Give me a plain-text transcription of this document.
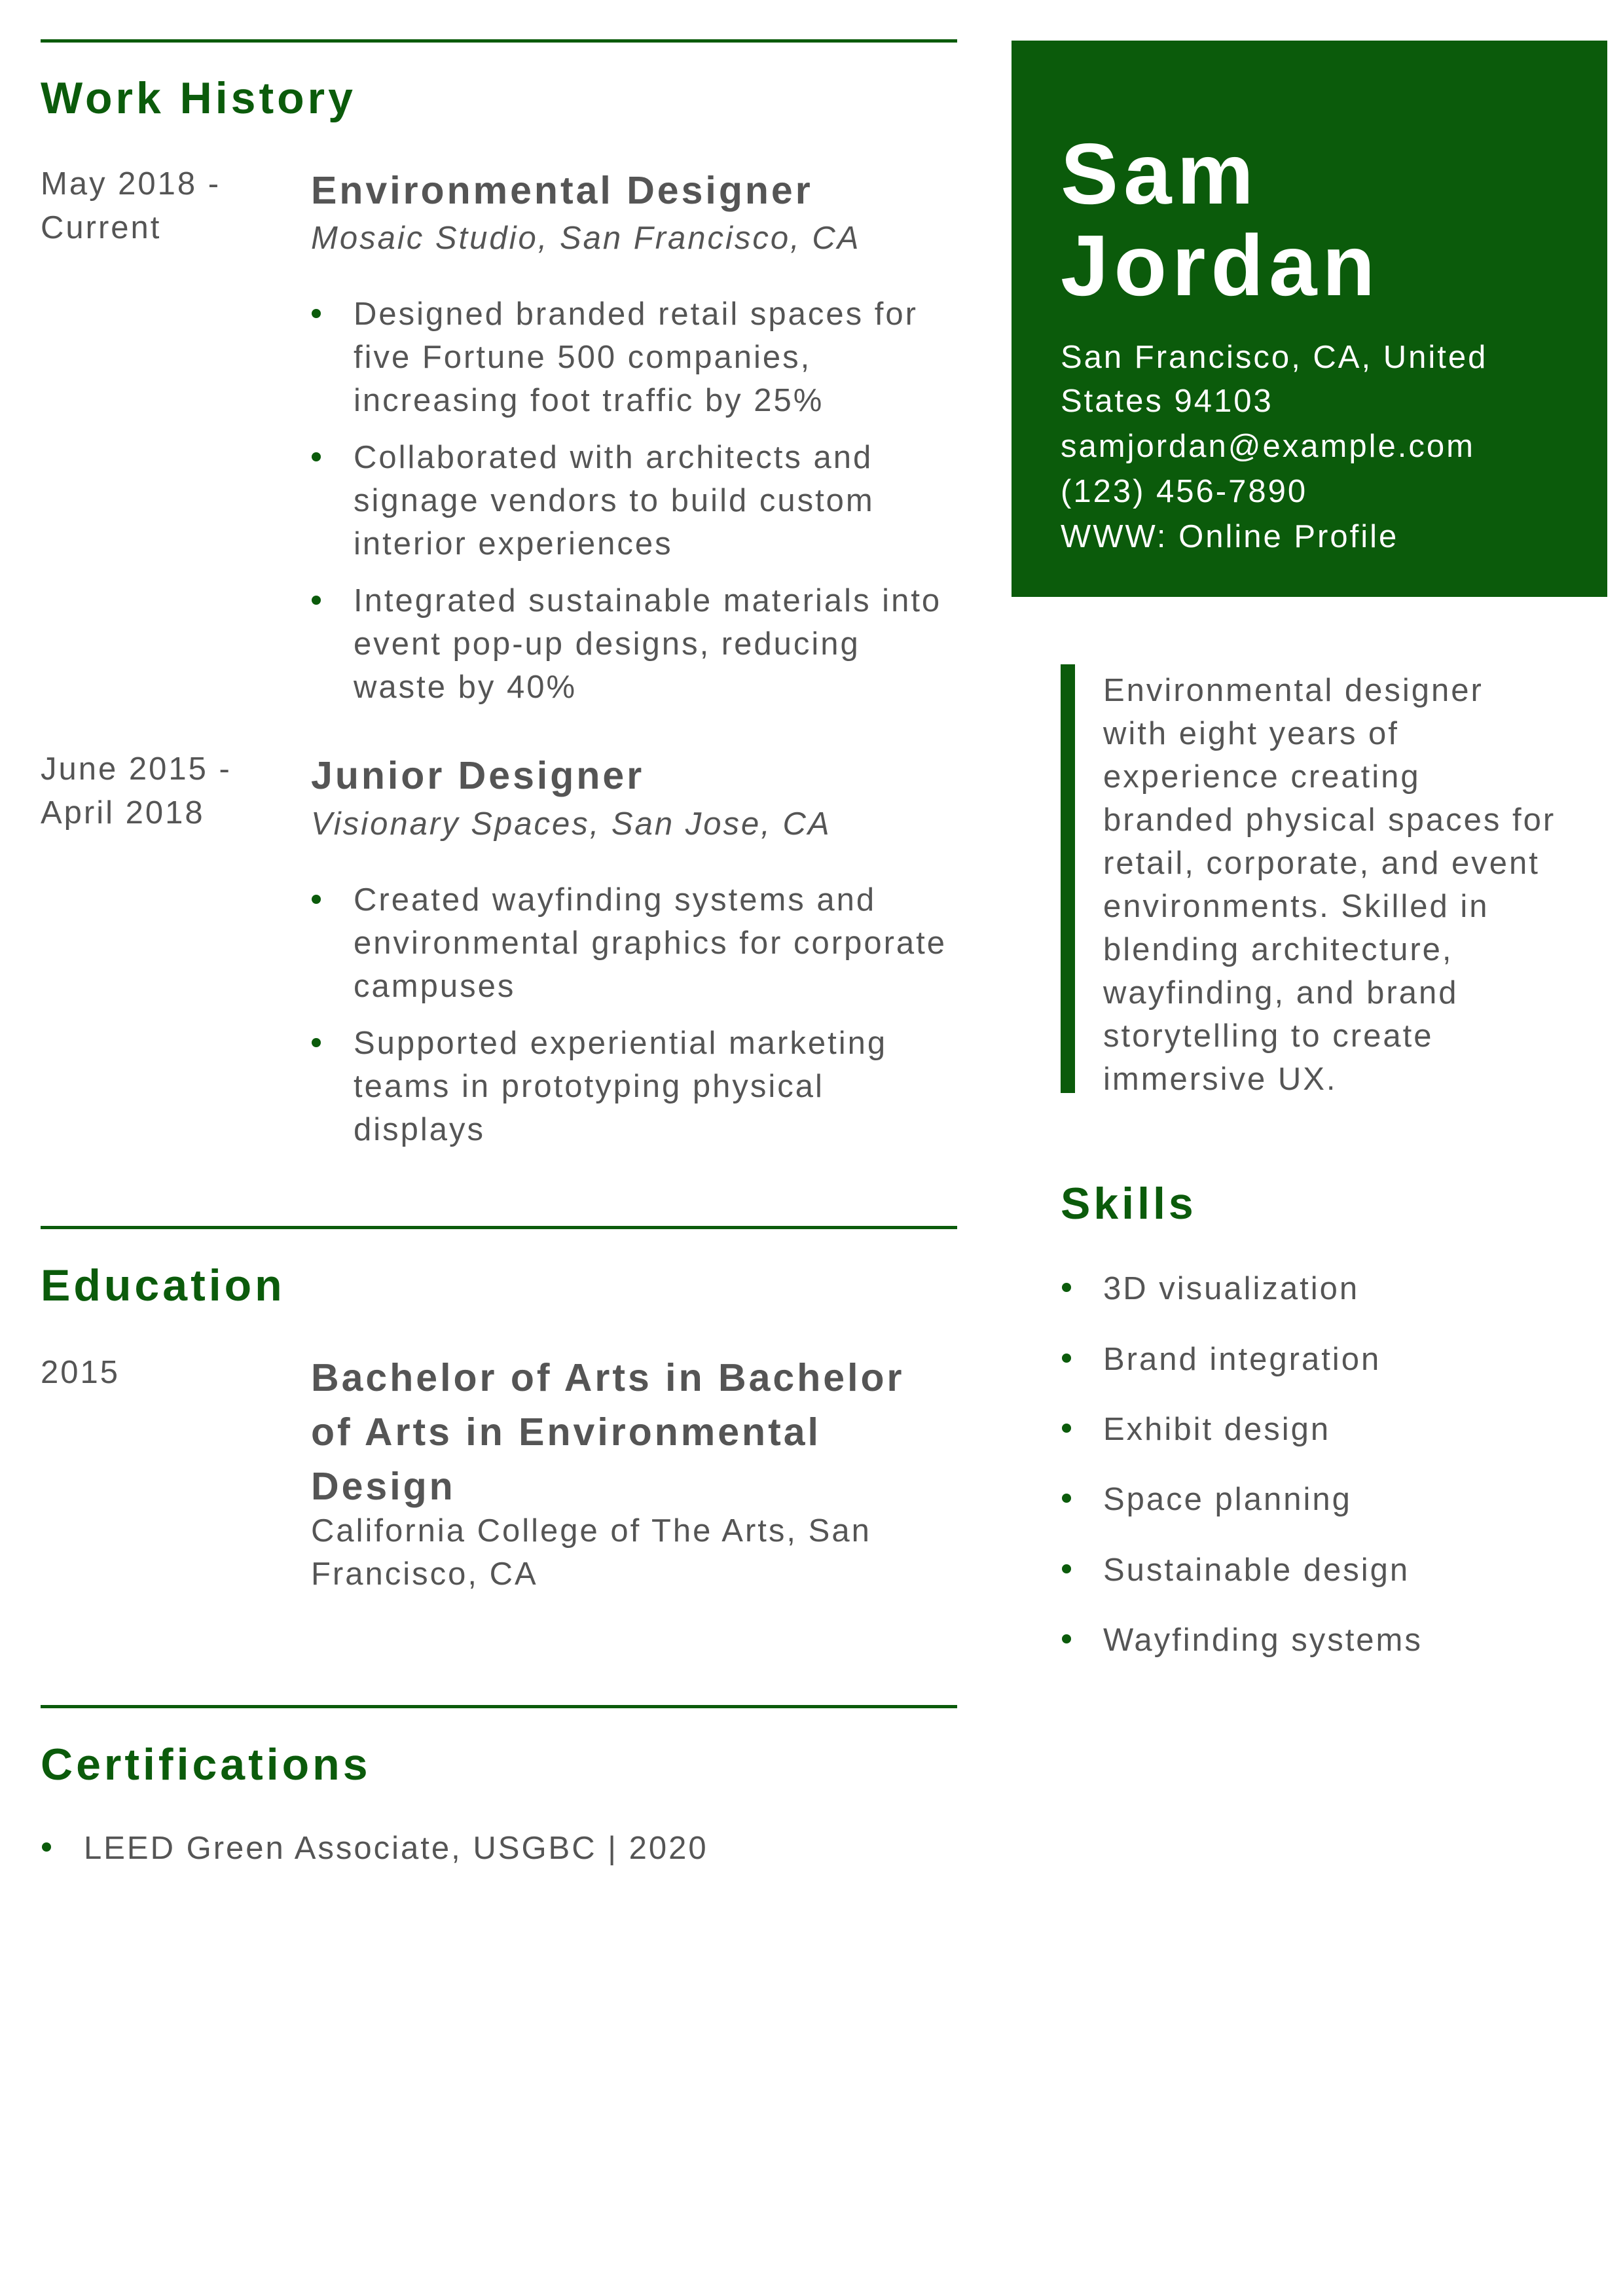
Work History
May 2018 -
Current
Environmental Designer
Mosaic Studio, San Francisco, CA
Designed branded retail spaces for
five Fortune 500 companies,
increasing foot traffic by 25%
Collaborated with architects and
signage vendors to build custom
interior experiences
Integrated sustainable materials into
event pop-up designs, reducing
waste by 40%
June 2015 -
April 2018
Junior Designer
Visionary Spaces, San Jose, CA
Created wayfinding systems and
environmental graphics for corporate
campuses
Supported experiential marketing
teams in prototyping physical
displays
Education
2015	Bachelor of Arts in Bachelor
of Arts in Environmental
Design
California College of The Arts, San
Francisco, CA
Certifications
LEED Green Associate, USGBC | 2020
Sam
Jordan
San Francisco, CA, United
States 94103
samjordan@example.com
(123) 456-7890
WWW: Online Profile
Environmental designer
with eight years of
experience creating
branded physical spaces for
retail, corporate, and event
environments. Skilled in
blending architecture,
wayfinding, and brand
storytelling to create
immersive UX.
Skills
3D visualization
Brand integration
Exhibit design
Space planning
Sustainable design
Wayfinding systems
